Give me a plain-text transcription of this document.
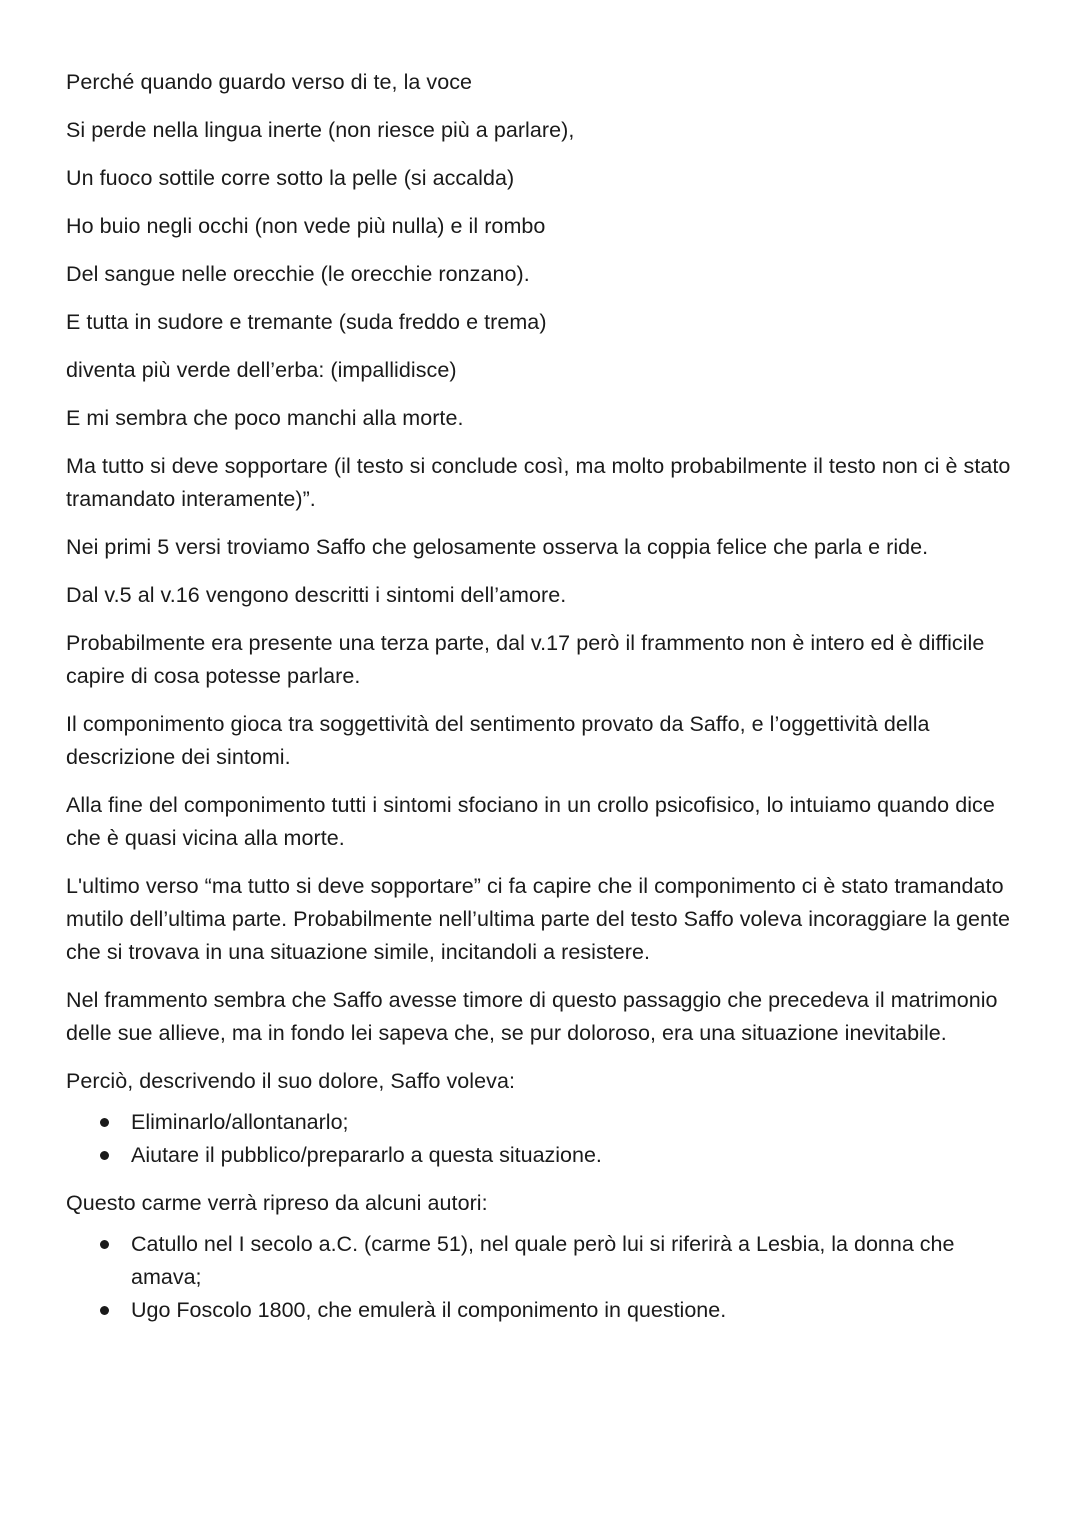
Perché quando guardo verso di te, la voce

Si perde nella lingua inerte (non riesce più a parlare),

Un fuoco sottile corre sotto la pelle (si accalda)

Ho buio negli occhi (non vede più nulla) e il rombo

Del sangue nelle orecchie (le orecchie ronzano).

E tutta in sudore e tremante (suda freddo e trema)

diventa più verde dell’erba: (impallidisce)

E mi sembra che poco manchi alla morte.

Ma tutto si deve sopportare (il testo si conclude così, ma molto probabilmente il testo non ci è stato tramandato interamente)”.

Nei primi 5 versi troviamo Saffo che gelosamente osserva la coppia felice che parla e ride.

Dal v.5 al v.16 vengono descritti i sintomi dell’amore.

Probabilmente era presente una terza parte, dal v.17 però il frammento non è intero ed è difficile capire di cosa potesse parlare.

Il componimento gioca tra soggettività del sentimento provato da Saffo, e l’oggettività della descrizione dei sintomi.

Alla fine del componimento tutti i sintomi sfociano in un crollo psicofisico, lo intuiamo quando dice che è quasi vicina alla morte.

L'ultimo verso “ma tutto si deve sopportare” ci fa capire che il componimento ci è stato tramandato mutilo dell’ultima parte. Probabilmente nell’ultima parte del testo Saffo voleva incoraggiare la gente che si trovava in una situazione simile, incitandoli a resistere.

Nel frammento sembra che Saffo avesse timore di questo passaggio che precedeva il matrimonio delle sue allieve, ma in fondo lei sapeva che, se pur doloroso, era una situazione inevitabile.

Perciò, descrivendo il suo dolore, Saffo voleva:

Eliminarlo/allontanarlo;
Aiutare il pubblico/prepararlo a questa situazione.

Questo carme verrà ripreso da alcuni autori:

Catullo nel I secolo a.C. (carme 51), nel quale però lui si riferirà a Lesbia, la donna che amava;
Ugo Foscolo 1800, che emulerà il componimento in questione.
